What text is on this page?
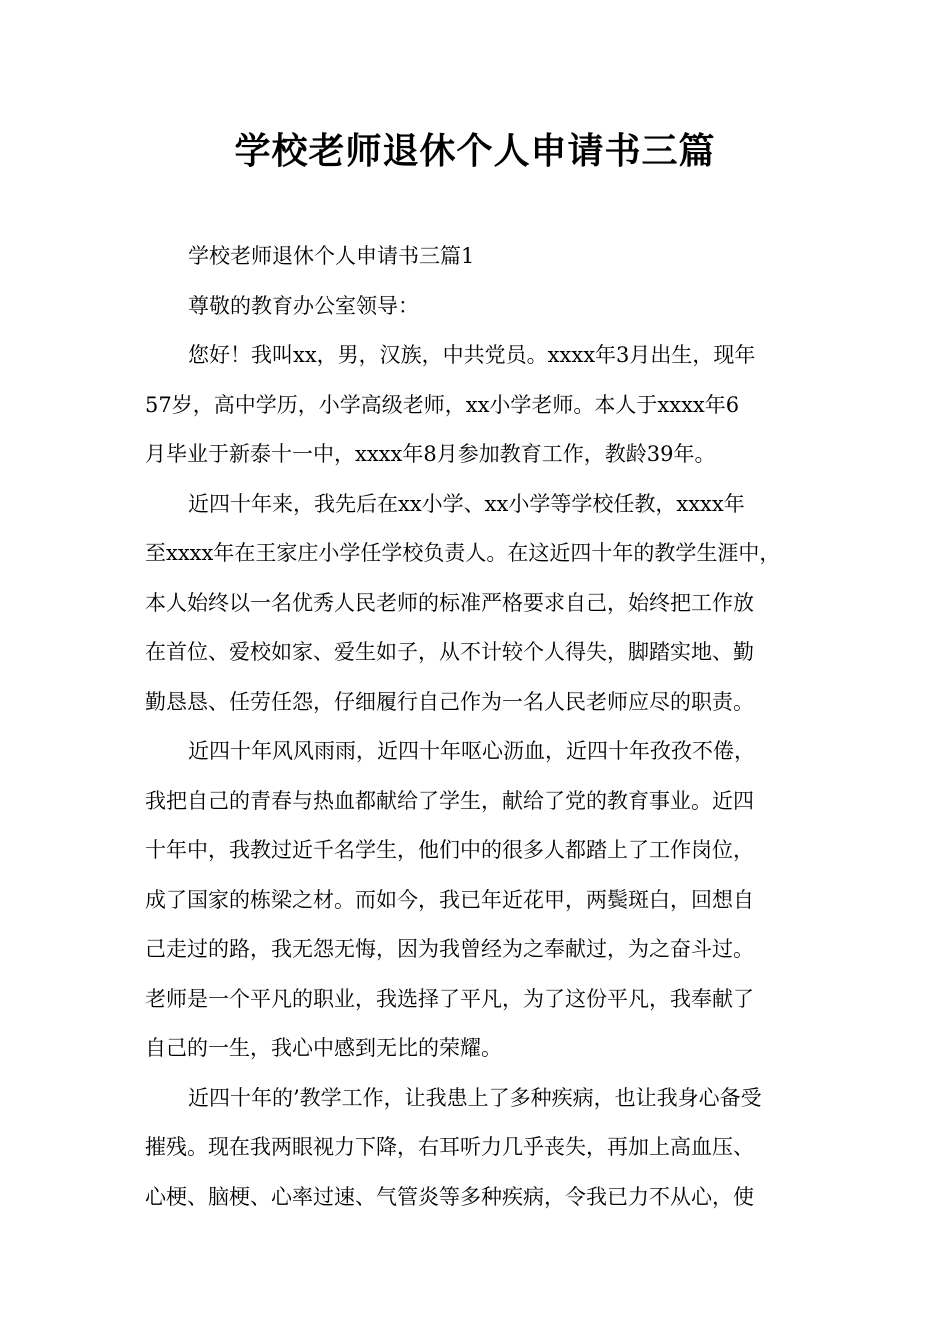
学校老师退休个人申请书三篇
学校老师退休个人申请书三篇1
尊敬的教育办公室领导：
您好！我叫xx，男，汉族，中共党员。xxxx年3月出生，现年
57岁，高中学历，小学高级老师，xx小学老师。本人于xxxx年6
月毕业于新泰十一中，xxxx年8月参加教育工作，教龄39年。
近四十年来，我先后在xx小学、xx小学等学校任教，xxxx年
至xxxx年在王家庄小学任学校负责人。在这近四十年的教学生涯中，
本人始终以一名优秀人民老师的标准严格要求自己，始终把工作放
在首位、爱校如家、爱生如子，从不计较个人得失，脚踏实地、勤
勤恳恳、任劳任怨，仔细履行自己作为一名人民老师应尽的职责。
近四十年风风雨雨，近四十年呕心沥血，近四十年孜孜不倦，
我把自己的青春与热血都献给了学生，献给了党的教育事业。近四
十年中，我教过近千名学生，他们中的很多人都踏上了工作岗位，
成了国家的栋梁之材。而如今，我已年近花甲，两鬓斑白，回想自
己走过的路，我无怨无悔，因为我曾经为之奉献过，为之奋斗过。
老师是一个平凡的职业，我选择了平凡，为了这份平凡，我奉献了
自己的一生，我心中感到无比的荣耀。
近四十年的’教学工作，让我患上了多种疾病，也让我身心备受
摧残。现在我两眼视力下降，右耳听力几乎丧失，再加上高血压、
心梗、脑梗、心率过速、气管炎等多种疾病，令我已力不从心，使
